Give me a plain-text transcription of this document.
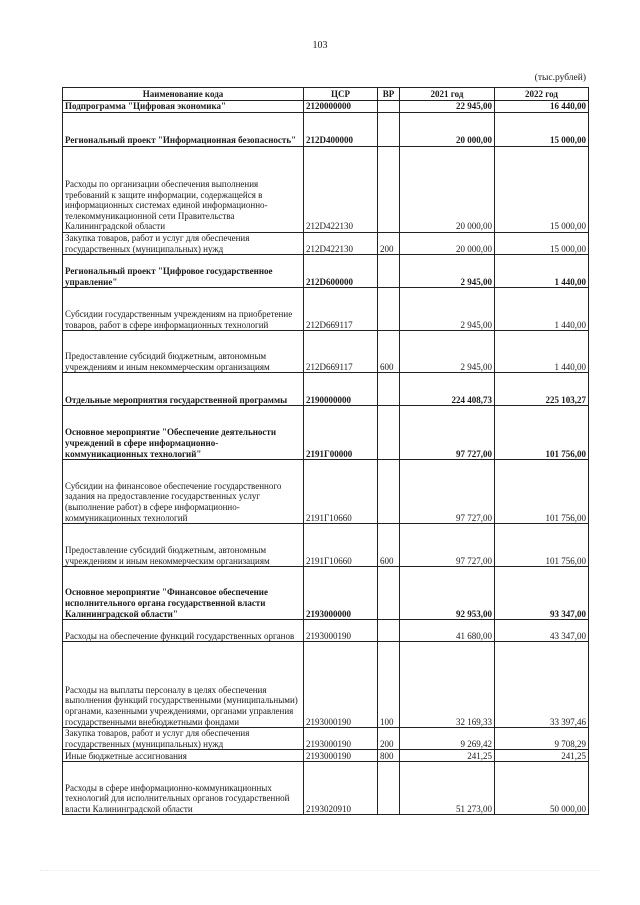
103
(тыс.рублей)
Наименование кода	ЦСР	ВР	2021 год	2022 год
Подпрограмма "Цифровая экономика"	2120000000		22 945,00	16 440,00
Региональный проект "Информационная безопасность"	212D400000		20 000,00	15 000,00
Расходы по организации обеспечения выполнения требований к защите информации, содержащейся в информационных системах единой информационно-телекоммуникационной сети Правительства Калининградской области	212D422130		20 000,00	15 000,00
Закупка товаров, работ и услуг для обеспечения государственных (муниципальных) нужд	212D422130	200	20 000,00	15 000,00
Региональный проект "Цифровое государственное управление"	212D600000		2 945,00	1 440,00
Субсидии государственным учреждениям на приобретение товаров, работ в сфере информационных технологий	212D669117		2 945,00	1 440,00
Предоставление субсидий бюджетным, автономным учреждениям и иным некоммерческим организациям	212D669117	600	2 945,00	1 440,00
Отдельные мероприятия государственной программы	2190000000		224 408,73	225 103,27
Основное мероприятие "Обеспечение деятельности учреждений в сфере информационно-коммуникационных технологий"	2191Г00000		97 727,00	101 756,00
Субсидии на финансовое обеспечение государственного задания на предоставление государственных услуг (выполнение работ) в сфере информационно-коммуникационных технологий	2191Г10660		97 727,00	101 756,00
Предоставление субсидий бюджетным, автономным учреждениям и иным некоммерческим организациям	2191Г10660	600	97 727,00	101 756,00
Основное мероприятие "Финансовое обеспечение исполнительного органа государственной власти Калининградской области"	2193000000		92 953,00	93 347,00
Расходы на обеспечение функций государственных органов	2193000190		41 680,00	43 347,00
Расходы на выплаты персоналу в целях обеспечения выполнения функций государственными (муниципальными) органами, казенными учреждениями, органами управления государственными внебюджетными фондами	2193000190	100	32 169,33	33 397,46
Закупка товаров, работ и услуг для обеспечения государственных (муниципальных) нужд	2193000190	200	9 269,42	9 708,29
Иные бюджетные ассигнования	2193000190	800	241,25	241,25
Расходы в сфере информационно-коммуникационных технологий для исполнительных органов государственной власти Калининградской области	2193020910		51 273,00	50 000,00
